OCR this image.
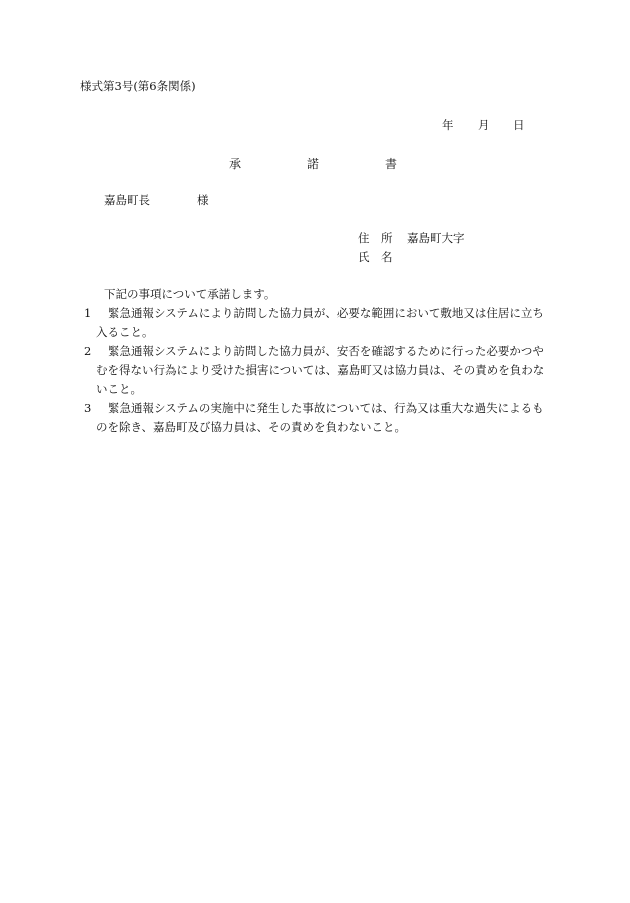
様式第3号(第6条関係)
年 月 日
承	諾	書
嘉島町長	様
住　所 嘉島町大字
氏　名
下記の事項について承諾します。
1 緊急通報システムにより訪問した協力員が、必要な範囲において敷地又は住居に立ち
入ること。
2 緊急通報システムにより訪問した協力員が、安否を確認するために行った必要かつや
むを得ない行為により受けた損害については、嘉島町又は協力員は、その責めを負わな
いこと。
3 緊急通報システムの実施中に発生した事故については、行為又は重大な過失によるも
のを除き、嘉島町及び協力員は、その責めを負わないこと。
